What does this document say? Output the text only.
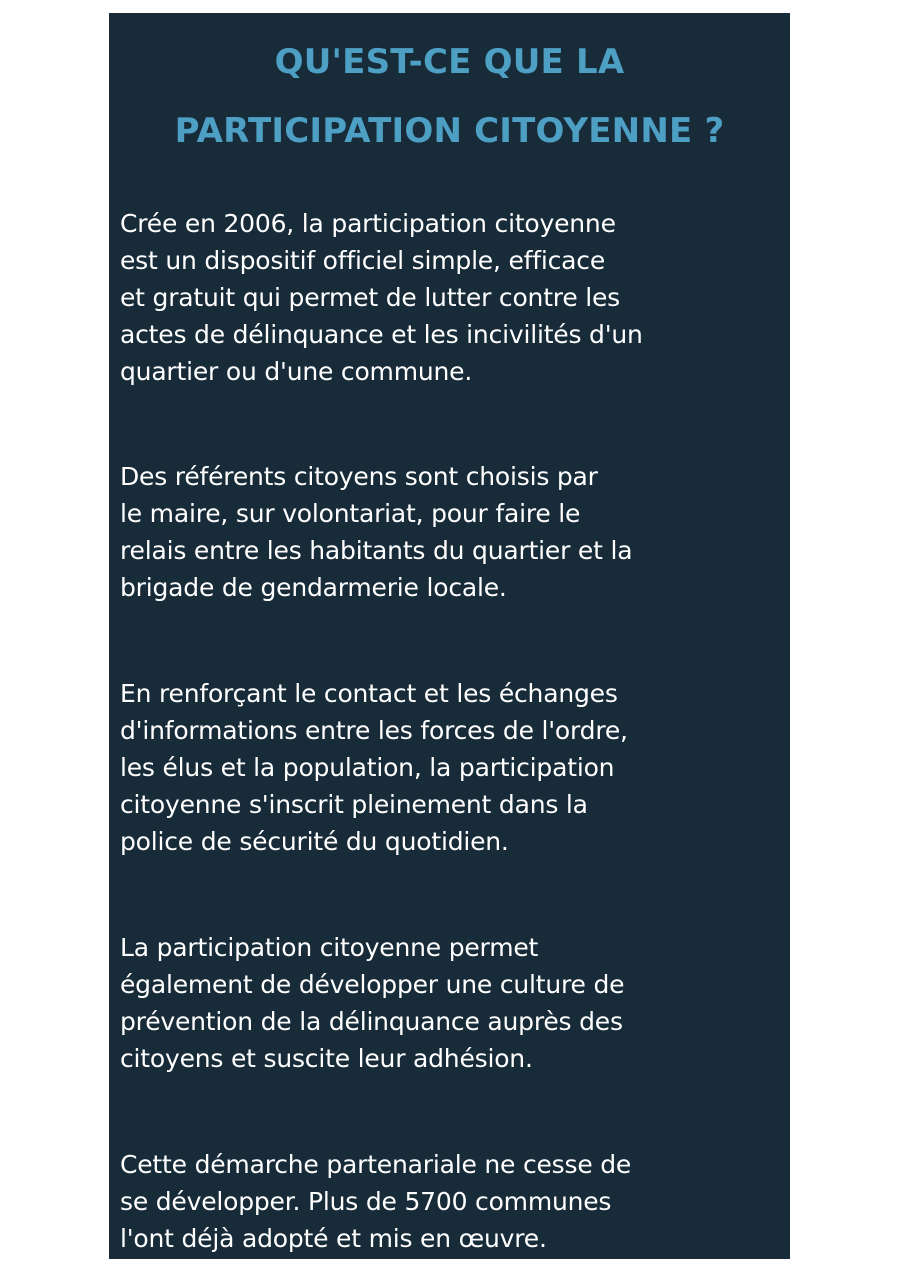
QU'EST-CE QUE LA
PARTICIPATION CITOYENNE ?

Crée en 2006, la participation citoyenne
est un dispositif officiel simple, efficace
et gratuit qui permet de lutter contre les
actes de délinquance et les incivilités d'un
quartier ou d'une commune.

Des référents citoyens sont choisis par
le maire, sur volontariat, pour faire le
relais entre les habitants du quartier et la
brigade de gendarmerie locale.

En renforçant le contact et les échanges
d'informations entre les forces de l'ordre,
les élus et la population, la participation
citoyenne s'inscrit pleinement dans la
police de sécurité du quotidien.

La participation citoyenne permet
également de développer une culture de
prévention de la délinquance auprès des
citoyens et suscite leur adhésion.

Cette démarche partenariale ne cesse de
se développer. Plus de 5700 communes
l'ont déjà adopté et mis en œuvre.
